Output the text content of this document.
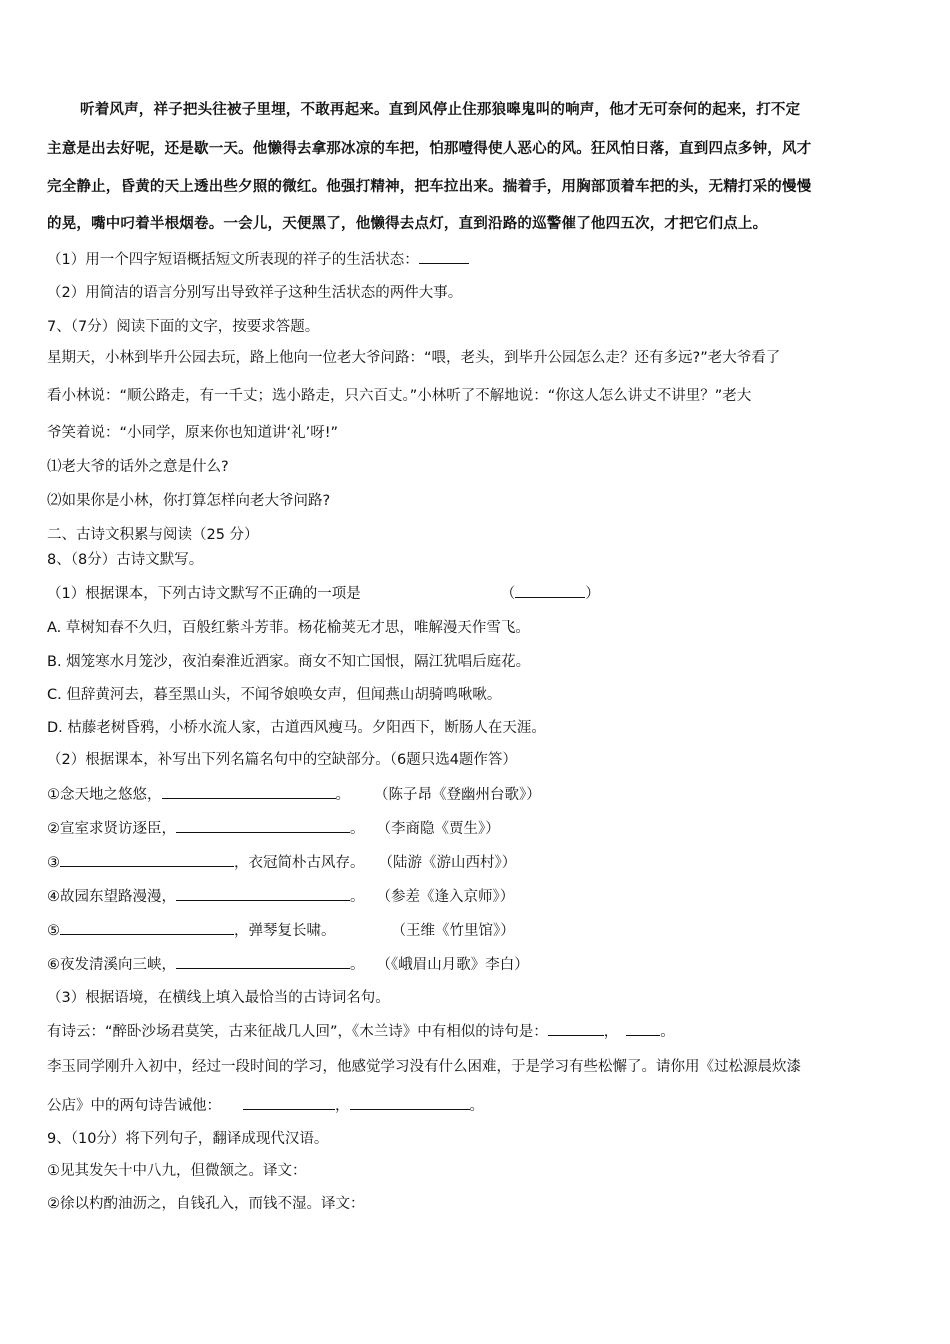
听着风声，祥子把头往被子里埋，不敢再起来。直到风停止住那狼嗥鬼叫的响声，他才无可奈何的起来，打不定
主意是出去好呢，还是歇一天。他懒得去拿那冰凉的车把，怕那噎得使人恶心的风。狂风怕日落，直到四点多钟，风才
完全静止，昏黄的天上透出些夕照的微红。他强打精神，把车拉出来。揣着手，用胸部顶着车把的头，无精打采的慢慢
的晃，嘴中叼着半根烟卷。一会儿，天便黑了，他懒得去点灯，直到沿路的巡警催了他四五次，才把它们点上。
（1）用一个四字短语概括短文所表现的祥子的生活状态：
（2）用简洁的语言分别写出导致祥子这种生活状态的两件大事。
7、（7分）阅读下面的文字，按要求答题。
星期天，小林到毕升公园去玩，路上他向一位老大爷问路：“喂，老头，到毕升公园怎么走？还有多远?”老大爷看了
看小林说：“顺公路走，有一千丈；选小路走，只六百丈。”小林听了不解地说：“你这人怎么讲丈不讲里？”老大
爷笑着说：“小同学，原来你也知道讲‘礼’呀!”
⑴老大爷的话外之意是什么?
⑵如果你是小林，你打算怎样向老大爷问路?
二、古诗文积累与阅读（25 分）
8、（8分）古诗文默写。
（1）根据课本，下列古诗文默写不正确的一项是	（	）
A. 草树知春不久归，百般红紫斗芳菲。杨花榆荚无才思，唯解漫天作雪飞。
B. 烟笼寒水月笼沙，夜泊秦淮近酒家。商女不知亡国恨，隔江犹唱后庭花。
C. 但辞黄河去，暮至黑山头，不闻爷娘唤女声，但闻燕山胡骑鸣啾啾。
D. 枯藤老树昏鸦，小桥水流人家，古道西风瘦马。夕阳西下，断肠人在天涯。
（2）根据课本，补写出下列名篇名句中的空缺部分。（6题只选4题作答）
①念天地之悠悠，	。 （陈子昂《登幽州台歌》）
②宣室求贤访逐臣，	。 （李商隐《贾生》）
③	，衣冠简朴古风存。 （陆游《游山西村》）
④故园东望路漫漫，	。 （参差《逢入京师》）
⑤	，弹琴复长啸。	（王维《竹里馆》）
⑥夜发清溪向三峡，	。 （《峨眉山月歌》李白）
（3）根据语境，在横线上填入最恰当的古诗词名句。
有诗云：“醉卧沙场君莫笑，古来征战几人回”，《木兰诗》中有相似的诗句是：	，	。
李玉同学刚升入初中，经过一段时间的学习，他感觉学习没有什么困难，于是学习有些松懈了。请你用《过松源晨炊漆
公店》中的两句诗告诫他：	，	。
9、（10分）将下列句子，翻译成现代汉语。
①见其发矢十中八九，但微颔之。译文：
②徐以杓酌油沥之，自钱孔入，而钱不湿。译文：
